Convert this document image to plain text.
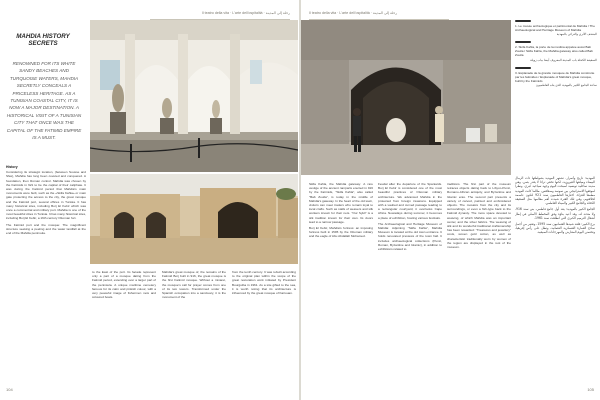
Il teatro della vita · L'arte dell'ospitalità · رحلة إلى المدينة
MAHDIA HISTORY SECRETS
RENOWNED FOR ITS WHITE SANDY BEACHES AND TURQUOISE WATERS, MAHDIA SECRETLY CONCEALS A PRICELESS HERITAGE. AS A TUNISIAN COASTAL CITY, IT IS NOW A MAJOR DESTINATION. A HISTORICAL VISIT OF A TUNISIAN CITY THAT ONCE WAS THE CAPITAL OF THE FATIMID EMPIRE IS A MUST.
History

Considering its strategic location, (between Sousse and Sfax), Mahdia has long been coveted and conquered. A foundation, then Roman control. Mahdia was chosen by the Fatimids in 921 to be the capital of their caliphate. It was during the Fatimid period that Mahdia's main monuments were built, such as the «Skifa Kahla» or main gate protecting the access to the city, the great mosque and the Fatimid port, several offices in Tunisia. It has many historical sites, including Borj El Kebir which was once a commercial and military port. Mahdia is one of the most beautiful cities in Tunisia. It has many historical sites, including Borj El Kebir, a 16th century Ottoman fort.

The Fatimid port and the mosque: The magnificent structure seeking a peeling and the water landfall at the end of the Mahdia peninsula.

to the East of the port. Its facade represent only a part of a mosque dating from the Fatimid period, extending over a larger part of the peninsula. A unique maritime cemetery famous for its calm and pinkish colour, with a very peaceful image of fishermen nets and coloured boats.

Mahdia's great mosque of, the remains of the Fatimid Borj built in 916, the great mosque is the first Fatimid mosque. Without a minaret, the mosque's call for prayer comes from one of its two towers. Transformed under the Spanish occupation into a sanctuary, it is the monument of the

from the tenth century. It was rebuilt according to the original plan within the scope of the great restoration work initiated by President Bourguiba in 1961. As a site gifted to the sea, it is worth noting that its architecture is influenced by the great mosque of Kairouan.

104
Il teatro della vita · L'arte dell'ospitalità · رحلة إلى المدينة
1. Le musée archéologique et patrimonial de Mahdia / The Archaeological and Heritage Museum of Mahdia
المتحف الأثري والتراثي بالمهدية
2. Skifa Kahla, la porte de la médina appelée aussi Bab Zouila / Skifa Kahla, the Mahdia gateway also called Bab Zouila
السقيفة الكحلة باب المدينة المعروف أيضا بباب زويلة
3. Esplanade de la grande mosquée de Mahdia construite par les fatimides / Esplanade of Mahdia's great mosque, built by the Fatimids
ساحة الجامع الكبير بالمهدية الذي بناه الفاطميون

Skifa Kahla, the Mahdia gateway: A rare vestige of the ancient ramparts erected in 916 by the Fatimids, "Skifa Kahla", also called "Bab Zouila", is today in the middle of Mahdia's gateway. In the heart of the old town, visitors can meet traders who remain loyal to local crafts. Such as stalls of weavers and silk workers known for their nets. "Our Sykli" is a silk tradition known for their own. Its doors lead to a narrow passage.

Borj El Kebir, Mahdia's fortress: an imposing fortress built in 1595 by the Ottoman military and the eagle of Abu Abdallah Mohamed.

Feudal after the departure of the Spaniards. Borj El Kebir is considered one of the most beautiful practices of Ottoman military architecture. We advanced Mahdia in the protected from foreign invasions. Equipped with a vaulted and curved passage leading to a rectangular courtyard, it overlooks Cape Africa. Nowadays during summer, it becomes a place of exhibition, hosting various festivals.

The Archaeological and Heritage Museum of Mahdia: Adjoining "Skifa Kahla", Mahdia Museum is located at the old town entrance. It holds renovated previews of the town hall. It includes archaeological collections (Punic, Roman, Byzantine and Islamic), in addition to exhibitions related to

traditions. The first part of the museum retraces objects dating back to Libyco-Punic, Romano-African antiquity, and Byzantine and Islamic eras. The second part presents a variety of carved, painted and embroidered objects. The mosaics from the city and its surroundings, or even a fish-type back to the Fatimid dynasty. The more space devoted to weaving, of which Mahdia was an important center, and the silver fabrics. The weaving of silk and its wonderful traditional craftsmanship has been rewarded: "Treasures and jewellery" costs, woven gold cotton, as well as characteristic traditionally worn by women of the region are displayed in the rest of the museum.

المهدية: تاريخ وأسرار. تشتهر المهدية بشواطئها ذات الرمال البيضاء ومياهها الفيروزية، لكنها تخفي تراثا لا يقدر بثمن. وهي مدينة ساحلية تونسية أصبحت اليوم وجهة سياحية كبرى. ونظرا لموقعها الاستراتيجي بين سوسة وصفاقس، طالما كانت المهدية مطمعا للغزاة. اختارها الفاطميون سنة 921 لتكون عاصمة لخلافتهم، وفي تلك الفترة شيدت أهم معالمها مثل السقيفة الكحلة والجامع الكبير والميناء الفاطمي.

الجامع الكبير بالمهدية: يعد أول جامع فاطمي، بني سنة 916، ولا مئذنة له. وقد أعيد بناؤه وفق المخطط الأصلي في إطار أشغال الترميم الكبرى التي انطلقت سنة 1961.

برج الكبير: قلعة شيدها العثمانيون سنة 1595، وتعتبر من أجمل نماذج العمارة العسكرية العثمانية، وتطل على رأس إفريقيا، وتحتضن اليوم المعارض والمهرجانات الصيفية.

105
